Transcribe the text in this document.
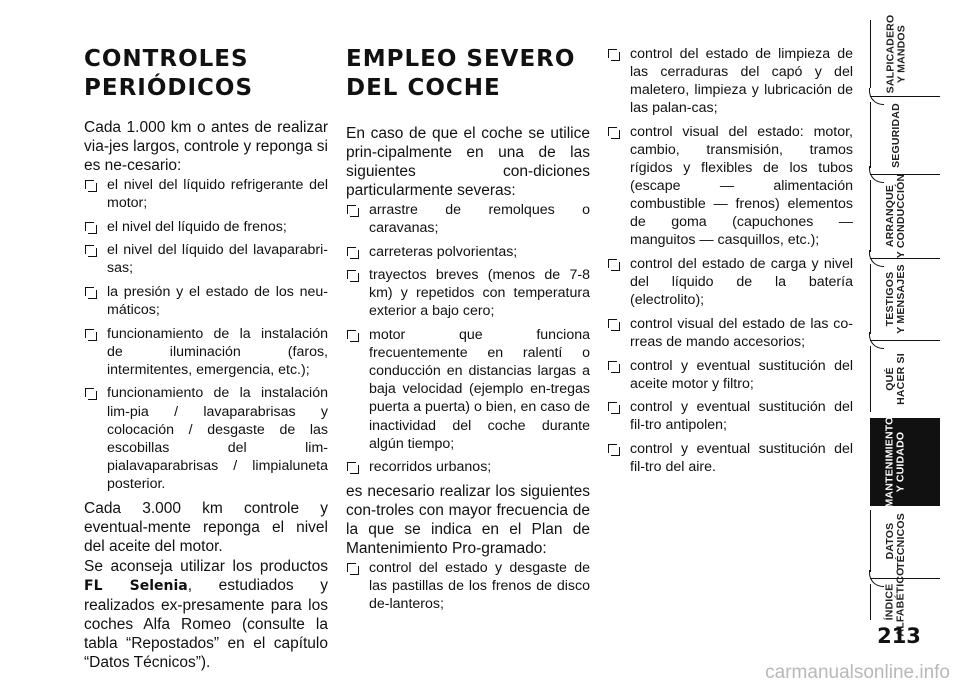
CONTROLES
PERIÓDICOS

Cada 1.000 km o antes de realizar via-jes largos, controle y reponga si es ne-cesario:

el nivel del líquido refrigerante del motor;
el nivel del líquido de frenos;
el nivel del líquido del lavaparabri-sas;
la presión y el estado de los neu-máticos;
funcionamiento de la instalación de iluminación (faros, intermitentes, emergencia, etc.);
funcionamiento de la instalación lim-pia / lavaparabrisas y colocación / desgaste de las escobillas del lim-pialavaparabrisas / limpialuneta posterior.

Cada 3.000 km controle y eventual-mente reponga el nivel del aceite del motor.

Se aconseja utilizar los productos FL Selenia, estudiados y realizados ex-presamente para los coches Alfa Romeo (consulte la tabla “Repostados” en el capítulo “Datos Técnicos”).

EMPLEO SEVERO
DEL COCHE

En caso de que el coche se utilice prin-cipalmente en una de las siguientes con-diciones particularmente severas:

arrastre de remolques o caravanas;
carreteras polvorientas;
trayectos breves (menos de 7-8 km) y repetidos con temperatura exterior a bajo cero;
motor que funciona frecuentemente en ralentí o conducción en distancias largas a baja velocidad (ejemplo en-tregas puerta a puerta) o bien, en caso de inactividad del coche durante algún tiempo;
recorridos urbanos;

es necesario realizar los siguientes con-troles con mayor frecuencia de la que se indica en el Plan de Mantenimiento Pro-gramado:

control del estado y desgaste de las pastillas de los frenos de disco de-lanteros;
control del estado de limpieza de las cerraduras del capó y del maletero, limpieza y lubricación de las palan-cas;
control visual del estado: motor, cambio, transmisión, tramos rígidos y flexibles de los tubos (escape — alimentación combustible — frenos) elementos de goma (capuchones — manguitos — casquillos, etc.);
control del estado de carga y nivel del líquido de la batería (electrolito);
control visual del estado de las co-rreas de mando accesorios;
control y eventual sustitución del aceite motor y filtro;
control y eventual sustitución del fil-tro antipolen;
control y eventual sustitución del fil-tro del aire.
SALPICADERO
Y MANDOS
SEGURIDAD
ARRANQUE
Y CONDUCCIÓN
TESTIGOS
Y MENSAJES
QUÉ
HACER SI
MANTENIMIENTO
Y CUIDADO
DATOS
TÉCNICOS
ÍNDICE
ALFABÉTICO
213
carmanualsonline.info
